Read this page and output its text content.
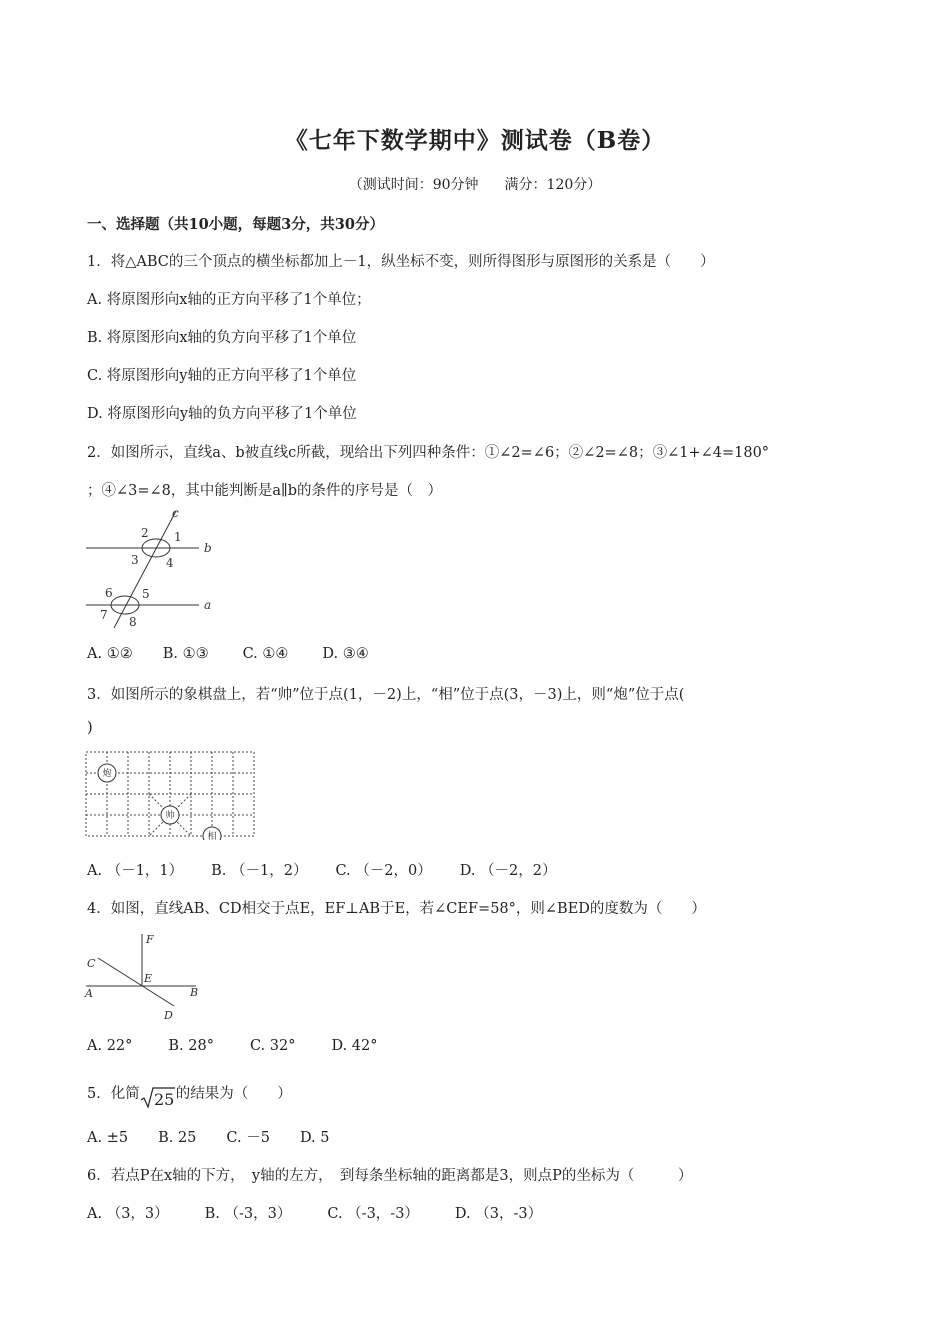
《七年下数学期中》测试卷（B卷）
（测试时间：90分钟 满分：120分）
一、选择题（共10小题，每题3分，共30分）
1．将△ABC的三个顶点的横坐标都加上－1，纵坐标不变，则所得图形与原图形的关系是（　　）
A. 将原图形向x轴的正方向平移了1个单位；
B. 将原图形向x轴的负方向平移了1个单位
C. 将原图形向y轴的正方向平移了1个单位
D. 将原图形向y轴的负方向平移了1个单位
2．如图所示，直线a、b被直线c所截，现给出下列四种条件：①∠2=∠6；②∠2=∠8；③∠1+∠4=180°
；④∠3=∠8，其中能判断是a∥b的条件的序号是（　）
c
b
a
1
2
3 4
5
6
7 8
A. ①② B. ①③ C. ①④ D. ③④
3．如图所示的象棋盘上，若“帅”位于点(1，－2)上，“相”位于点(3，－3)上，则“炮”位于点(
)
炮
帅
相
A. （－1，1） B. （－1，2） C. （－2，0） D. （－2，2）
4．如图，直线AB、CD相交于点E，EF⊥AB于E，若∠CEF=58°，则∠BED的度数为（　　）
F
C
E
A	B
D
A. 22° B. 28° C. 32° D. 42°
5．化简 25 的结果为（　　）
A. ±5 B. 25 C. －5 D. 5
6．若点P在x轴的下方，　y轴的左方，　到每条坐标轴的距离都是3，则点P的坐标为（　　　）
A. （3，3） B. （-3，3） C. （-3，-3） D. （3，-3）
